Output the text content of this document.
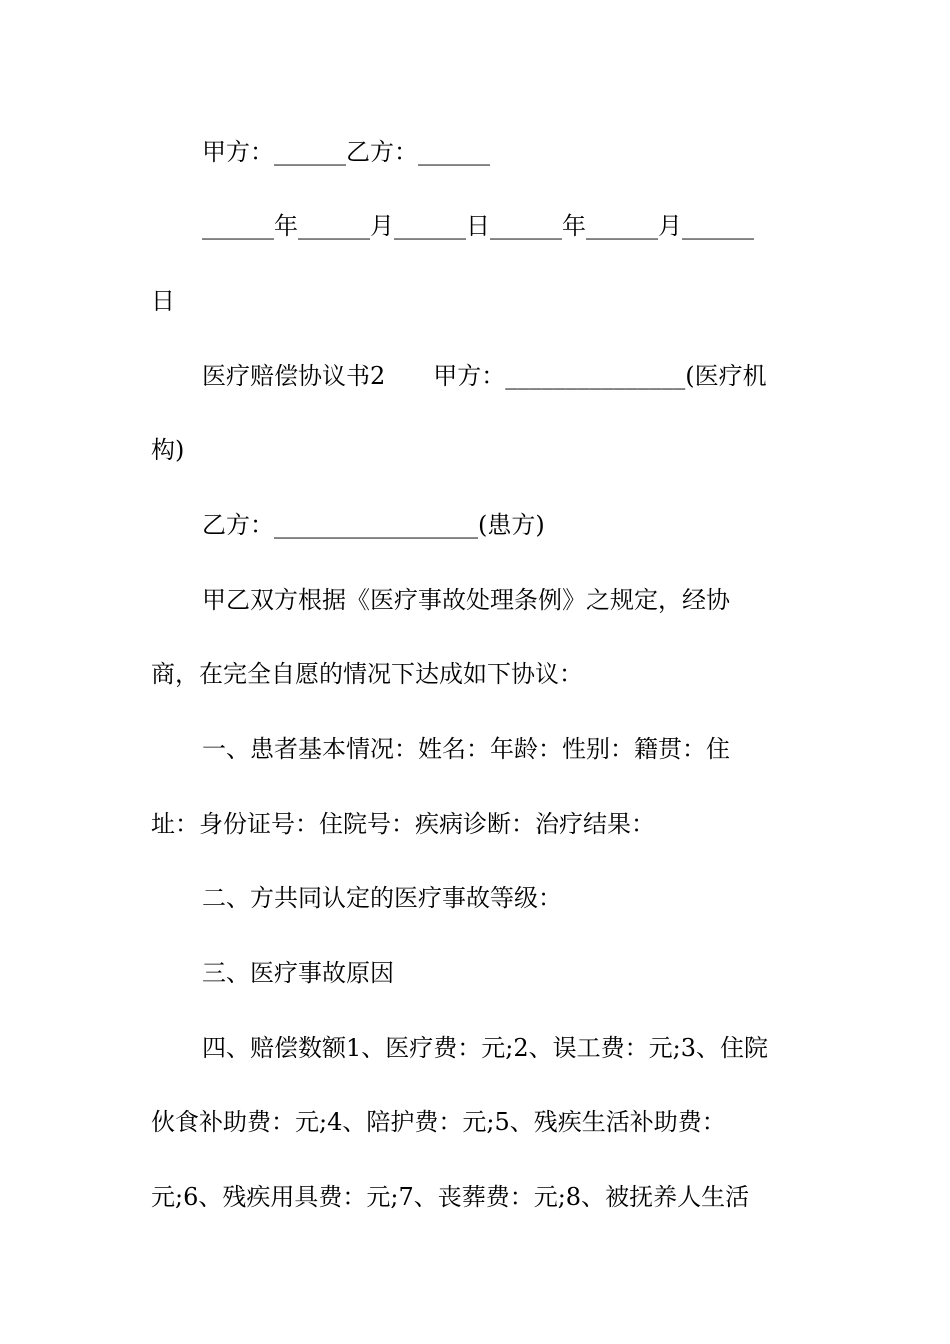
甲方：______乙方：______

______年______月______日______年______月______

日

医疗赔偿协议书2　　甲方：_______________(医疗机

构)

乙方：_________________(患方)

甲乙双方根据《医疗事故处理条例》之规定，经协

商，在完全自愿的情况下达成如下协议：

一、患者基本情况：姓名：年龄：性别：籍贯：住

址：身份证号：住院号：疾病诊断：治疗结果：

二、方共同认定的医疗事故等级：

三、医疗事故原因

四、赔偿数额1、医疗费：元;2、误工费：元;3、住院

伙食补助费：元;4、陪护费：元;5、残疾生活补助费：

元;6、残疾用具费：元;7、丧葬费：元;8、被抚养人生活
